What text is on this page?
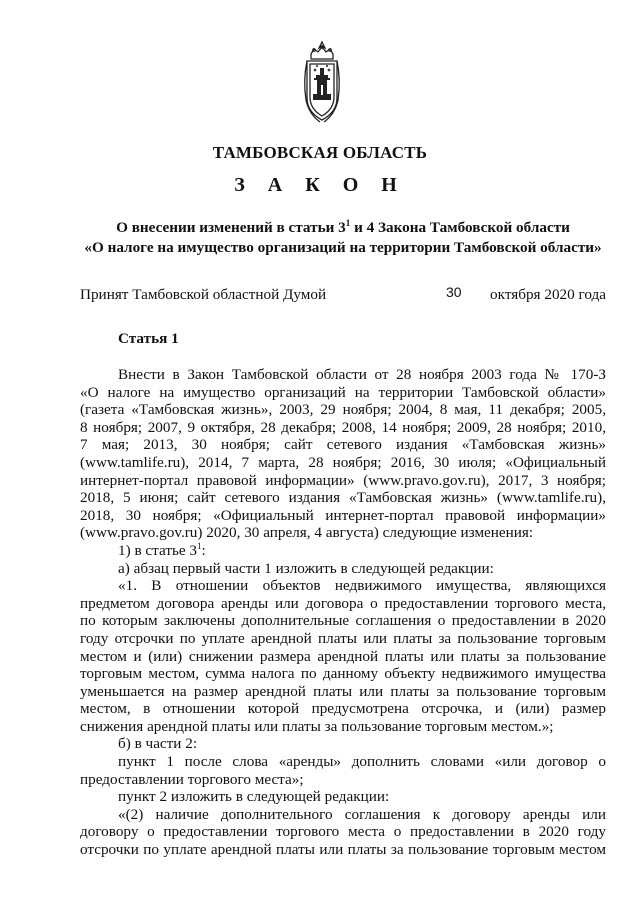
ТАМБОВСКАЯ ОБЛАСТЬ
З А К О Н
О внесении изменений в статьи $3^1$ и 4 Закона Тамбовской области
«О налоге на имущество организаций на территории Тамбовской области»
Принят Тамбовской областной Думой	30 октября 2020 года
Статья 1
Внести в Закон Тамбовской области от 28 ноября 2003 года № 170-З
«О налоге на имущество организаций на территории Тамбовской области»
(газета «Тамбовская жизнь», 2003, 29 ноября; 2004, 8 мая, 11 декабря; 2005,
8 ноября; 2007, 9 октября, 28 декабря; 2008, 14 ноября; 2009, 28 ноября; 2010,
7 мая; 2013, 30 ноября; сайт сетевого издания «Тамбовская жизнь»
(www.tamlife.ru), 2014, 7 марта, 28 ноября; 2016, 30 июля; «Официальный
интернет-портал правовой информации» (www.pravo.gov.ru), 2017, 3 ноября;
2018, 5 июня; сайт сетевого издания «Тамбовская жизнь» (www.tamlife.ru),
2018, 30 ноября; «Официальный интернет-портал правовой информации»
(www.pravo.gov.ru) 2020, 30 апреля, 4 августа) следующие изменения:
1) в статье $3^1$:
а) абзац первый части 1 изложить в следующей редакции:
«1. В отношении объектов недвижимого имущества, являющихся
предметом договора аренды или договора о предоставлении торгового места,
по которым заключены дополнительные соглашения о предоставлении в 2020
году отсрочки по уплате арендной платы или платы за пользование торговым
местом и (или) снижении размера арендной платы или платы за пользование
торговым местом, сумма налога по данному объекту недвижимого имущества
уменьшается на размер арендной платы или платы за пользование торговым
местом, в отношении которой предусмотрена отсрочка, и (или) размер
снижения арендной платы или платы за пользование торговым местом.»;
б) в части 2:
пункт 1 после слова «аренды» дополнить словами «или договор о
предоставлении торгового места»;
пункт 2 изложить в следующей редакции:
«(2) наличие дополнительного соглашения к договору аренды или
договору о предоставлении торгового места о предоставлении в 2020 году
отсрочки по уплате арендной платы или платы за пользование торговым местом
